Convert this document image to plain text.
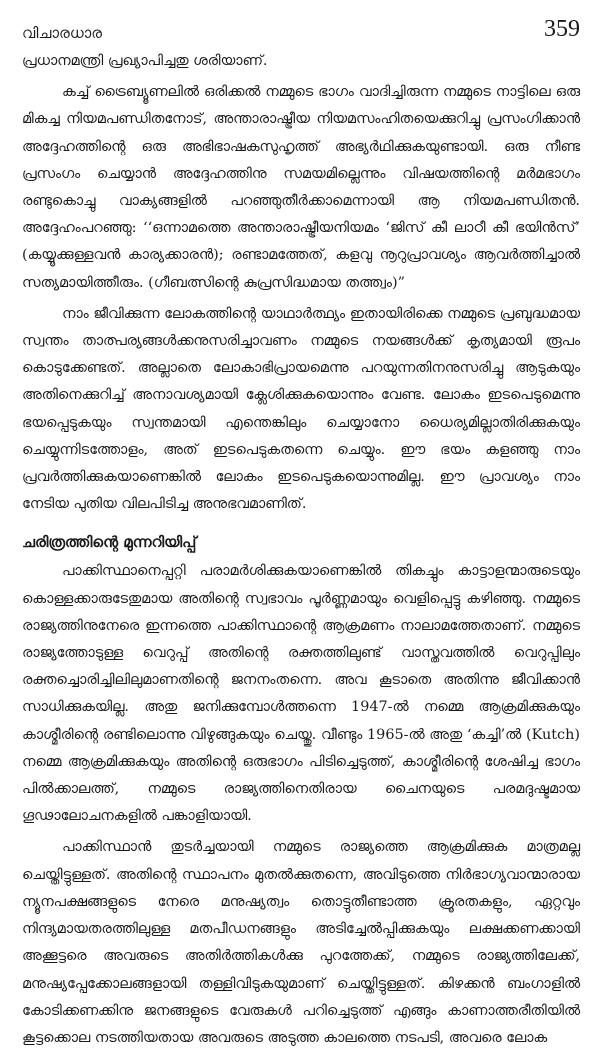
വിചാരധാര	359

പ്രധാനമന്ത്രി പ്രഖ്യാപിച്ചതു ശരിയാണ്.

കച്ച് ട്രൈബ്യൂണലിൽ ഒരിക്കൽ നമ്മുടെ ഭാഗം വാദിച്ചിരുന്ന നമ്മുടെ നാട്ടിലെ ഒരു മികച്ച നിയമപണ്ഡിതനോട്, അന്താരാഷ്ട്രീയ നിയമസംഹിതയെക്കുറിച്ചു പ്രസംഗിക്കാൻ അദ്ദേഹത്തിന്റെ ഒരു അഭിഭാഷകസുഹൃത്ത് അഭ്യർഥിക്കുകയുണ്ടായി. ഒരു നീണ്ട പ്രസംഗം ചെയ്യാൻ അദ്ദേഹത്തിനു സമയമില്ലെന്നും വിഷയത്തിന്റെ മർമഭാഗം രണ്ടുകൊച്ചു വാക്യങ്ങളിൽ പറഞ്ഞുതീർക്കാമെന്നായി ആ നിയമപണ്ഡിതൻ. അദ്ദേഹംപറഞ്ഞു: ‘‘ഒന്നാമത്തെ അന്താരാഷ്ട്രീയനിയമം ‘ജിസ് കീ ലാഠീ കീ ഭയിൻസ്’ (കയ്യൂക്കുള്ളവൻ കാര്യക്കാരൻ); രണ്ടാമത്തേത്, കളവു നൂറുപ്രാവശ്യം ആവർത്തിച്ചാൽ സത്യമായിത്തീരും. (ഗീബത്സിന്റെ കുപ്രസിദ്ധമായ തത്ത്വം)”

നാം ജീവിക്കുന്ന ലോകത്തിന്റെ യാഥാർത്ഥ്യം ഇതായിരിക്കെ നമ്മുടെ പ്രബുദ്ധമായ സ്വന്തം താത്പര്യങ്ങൾക്കനുസരിച്ചാവണം നമ്മുടെ നയങ്ങൾക്ക് കൃത്യമായി രൂപം കൊടുക്കേണ്ടത്. അല്ലാതെ ലോകാഭിപ്രായമെന്നു പറയുന്നതിനനുസരിച്ചു ആടുകയും അതിനെക്കുറിച്ച് അനാവശ്യമായി ക്ലേശിക്കുകയൊന്നും വേണ്ട. ലോകം ഇടപെടുമെന്നു ഭയപ്പെടുകയും സ്വന്തമായി എന്തെങ്കിലും ചെയ്യാനോ ധൈര്യമില്ലാതിരിക്കുകയും ചെയ്യുന്നിടത്തോളം, അത് ഇടപെടുകതന്നെ ചെയ്യും. ഈ ഭയം കളഞ്ഞു നാം പ്രവർത്തിക്കുകയാണെങ്കിൽ ലോകം ഇടപെടുകയൊന്നുമില്ല. ഈ പ്രാവശ്യം നാം നേടിയ പുതിയ വിലപിടിച്ച അനുഭവമാണിത്.

ചരിത്രത്തിന്റെ മുന്നറിയിപ്പ്

പാക്കിസ്ഥാനെപ്പറ്റി പരാമർശിക്കുകയാണെങ്കിൽ തികച്ചും കാട്ടാളന്മാരുടെയും കൊള്ളക്കാരുടേതുമായ അതിന്റെ സ്വഭാവം പൂർണ്ണമായും വെളിപ്പെട്ടു കഴിഞ്ഞു. നമ്മുടെ രാജ്യത്തിനുനേരെ ഇന്നത്തെ പാക്കിസ്ഥാന്റെ ആക്രമണം നാലാമത്തേതാണ്. നമ്മുടെ രാജ്യത്തോടുള്ള വെറുപ്പ് അതിന്റെ രക്തത്തിലുണ്ട് വാസ്തവത്തിൽ വെറുപ്പിലും രക്തച്ചൊരിച്ചിലിലുമാണതിന്റെ ജനനംതന്നെ. അവ കൂടാതെ അതിന്നു ജീവിക്കാൻ സാധിക്കുകയില്ല. അതു ജനിക്കുമ്പോൾത്തന്നെ 1947-ൽ നമ്മെ ആക്രമിക്കുകയും കാശ്മീരിന്റെ രണ്ടിലൊന്നു വിഴുങ്ങുകയും ചെയ്തു. വീണ്ടും 1965-ൽ അതു ‘കച്ചി’ൽ (Kutch) നമ്മെ ആക്രമിക്കുകയും അതിന്റെ ഒരുഭാഗം പിടിച്ചെടുത്ത്, കാശ്മീരിന്റെ ശേഷിച്ച ഭാഗം പിൽക്കാലത്ത്, നമ്മുടെ രാജ്യത്തിനെതിരായ ചൈനയുടെ പരമദുഷ്ടമായ ഗൂഢാലോചനകളിൽ പങ്കാളിയായി.

പാക്കിസ്ഥാൻ തുടർച്ചയായി നമ്മുടെ രാജ്യത്തെ ആക്രമിക്കുക മാത്രമല്ല ചെയ്തിട്ടുള്ളത്. അതിന്റെ സ്ഥാപനം മുതൽക്കുതന്നെ, അവിടുത്തെ നിർഭാഗ്യവാന്മാരായ ന്യൂനപക്ഷങ്ങളുടെ നേരെ മനുഷ്യത്വം തൊട്ടുതീണ്ടാത്ത ക്രൂരതകളും, ഏറ്റവും നിന്ദ്യമായതരത്തിലുള്ള മതപീഡനങ്ങളും അടിച്ചേൽപ്പിക്കുകയും ലക്ഷക്കണക്കായി അക്കൂട്ടരെ അവരുടെ അതിർത്തികൾക്കു പുറത്തേക്ക്, നമ്മുടെ രാജ്യത്തിലേക്ക്, മനുഷ്യപ്പേക്കോലങ്ങളായി തള്ളിവിടുകയുമാണ് ചെയ്തിട്ടുള്ളത്. കിഴക്കൻ ബംഗാളിൽ കോടിക്കണക്കിനു ജനങ്ങളുടെ വേരുകൾ പറിച്ചെടുത്ത് എങ്ങും കാണാത്തരീതിയിൽ കൂട്ടക്കൊല നടത്തിയതായ അവരുടെ അടുത്ത കാലത്തെ നടപടി, അവരെ ലോക
